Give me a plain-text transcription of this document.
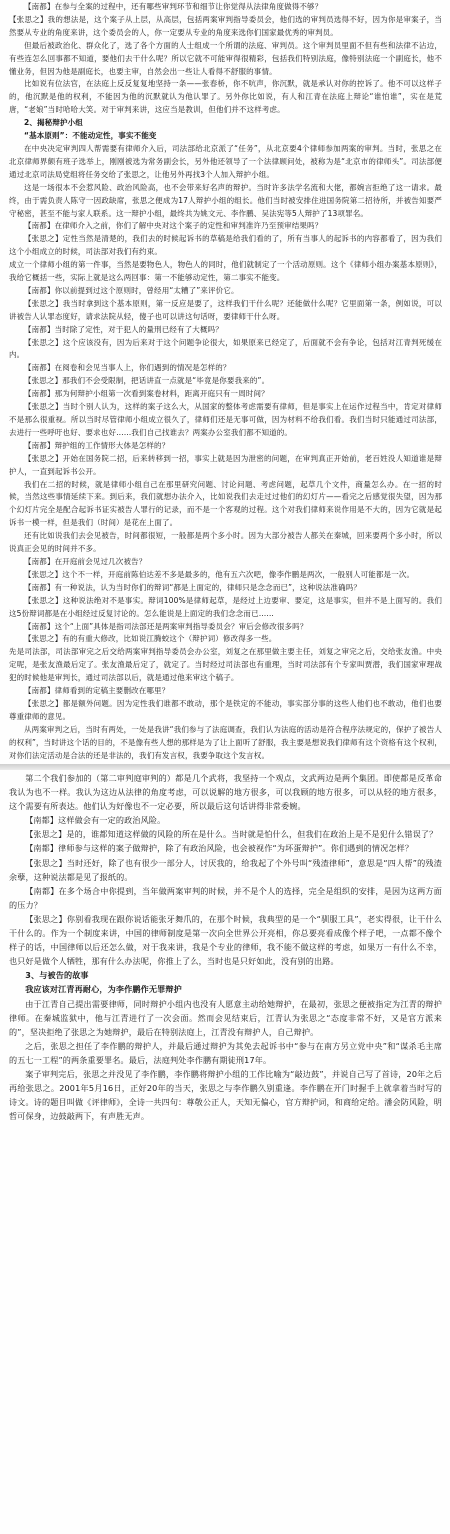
【南都】在参与全案的过程中，还有哪些审判环节和细节让你觉得从法律角度做得不够？

【张思之】我的想法是，这个案子从上层，从高层，包括两案审判指导委员会，他们选的审判员选得不好，因为你是审案子，当然要从专业的角度来讲，这个委员会的人，你一定要从专业的角度来选你们国家最优秀的审判员。

但最后被政治化、群众化了，选了各个方面的人士组成一个所谓的法庭、审判员。这个审判员里面不但有些和法律不沾边，有些连怎么回事都不知道，要他们去干什么呢？所以它就不可能审得很精彩，包括我们特别法庭，像特别法庭一个副庭长，他不懂业务，但因为他是副庭长，也要主审，自然会出一些让人看得不舒服的事情。

比如说有位法官，在法庭上反反复复地坚持一条——张春桥，你不吭声，你沉默，就是承认对你的控诉了。他不可以这样子的，他沉默是他的权利，不能因为他的沉默就认为他认罪了。另外你比如说，有人和江青在法庭上辩论“谁怕谁”，实在是荒唐，“老娘”当时哈哈大笑。对于审判来讲，这应当是教训，但他们并不这样考虑。

2、揭秘辩护小组

“基本原则”：不能动定性，事实不能变

在中央决定审判四人帮需要有律师介入后，司法部给北京派了“任务”，从北京要4个律师参加两案的审判。当时，张思之在北京律师界颇有班子选举上，刚刚被选为常务副会长，另外他还领导了一个法律顾问处，被称为是“北京市的律师头”。司法部便通过北京司法局党组将任务交给了张思之，让他另外再找3个人加入辩护小组。

这是一场很本不会惹风险、政治风险高，也不会带来好名声的辩护。当时许多法学名流和大佬，都婉言拒绝了这一请求。最终，由于需负责人陈守一因政缺席，张思之便成为17人辩护小组的组长。他们当时被安排住进国务院第二招待所，并被告知要严守秘密，甚至不能与家人联系。这一辩护小组，最终共为姚文元、李作鹏、吴法宪等5人辩护了13项罪名。

【南都】在律师介入之前，你们了解中央对这个案子的定性和审判准许乃至预审结果吗？

【张思之】定性当然是清楚的，我们去的时候起诉书的草稿是给我们看的了，所有当事人的起诉书的内容都看了，因为我们这个小组成立的时候，司法部对我们有约束。

成立一个律师小组的第一件事，当然是要物色人，物色人的同时，他们就制定了一个活动原则。这个《律师小组办案基本原则》，我给它概括一些，实际上就是这么两回事：第一不能够动定性，第二事实不能变。

【南都】你以前提到过这个原则时，曾经用“太糟了”来评价它。

【张思之】我当时拿到这个基本原则，第一反应是要了，这样我们干什么呢？还能做什么呢？它里面第一条，例如说，可以讲被告人认罪态度好，请求法院从轻，傻子也可以讲这句话呀，要律师干什么呀。

【南都】当时除了定性，对于犯人的量刑已经有了大概吗？

【张思之】这个应该没有，因为后来对于这个问题争论很大，如果原来已经定了，后面就不会有争论，包括对江青判死缓在内。

【南都】在阅卷和会见当事人上，你们遇到的情况是怎样的？

【张思之】那我们不会受限制，把话讲直一点就是“毕竟是你要我来的”。

【南都】那为何辩护小组第一次看到案卷材料，距离开庭只有一周时间？

【张思之】当时个别人认为，这样的案子这么大，从国家的整体考虑需要有律师，但是事实上在运作过程当中，肯定对律师不是那么很重视。所以当时尽管律师小组成立很久了，律师们还是无事可做，因为材料不给我们看。我们当时只能通过司法部，去进行一些呼吁也好、要求也好……我们自己找谁去？两案办公室我们都不知道的。

【南都】辩护组的工作情形大体是怎样的？

【张思之】开始在国务院二招，后来转移到一招，事实上就是因为泄密的问题，在审判真正开始前，老百姓没人知道谁是辩护人，一直到起诉书公开。

我们在二招的时候，就是律师小组自己在那里研究问题、讨论问题、考虑问题，起草几个文件，商量怎么办。在一招的时候，当然这些事情延续下来。到后来，我们就想办法介入，比如说我们去走过过他们的幻灯片——看完之后感觉很失望，因为那个幻灯片完全是配合起诉书证实被告人罪行的记录，而不是一个客观的过程。这个对我们律师来说作用是不大的，因为它就是起诉书一模一样，但是我们（时间）是花在上面了。

还有比如说我们去会见被告，时间都很短，一般都是两个多小时。因为大部分被告人都关在秦城，回来要两个多小时，所以说真正会见的时间并不多。

【南都】在开庭前会见过几次被告？

【张思之】这个不一样，开庭前陈伯达差不多是最多的，他有五六次吧，像李作鹏是两次，一般别人可能都是一次。

【南都】有一种说法，认为当时你们的辩词“都是上面定的，律师只是念念而已”，这种说法准确吗？

【张思之】这种说法绝对不是事实。辩词100%是律师起草，是经过上边要审、要定，这是事实，但并不是上面写的。我们这5份辩词都是在小组经过反复讨论的。怎么能说是上面定的我们念念而已……

【南都】这个“上面”具体是指司法部还是两案审判指导委员会？审后会修改很多吗？

【张思之】有的有重大修改，比如说江腾蛟这个（辩护词）修改得多一些。

先是司法部，司法部审完之后交给两案审判指导委员会办公室，刘复之在那里做主要主任，刘复之审完之后，交给张友渔。中央定呢，是张友渔最后定了。张友渔最后定了，就定了。当时经过司法部也有重理，当时司法部有个专家叫贾潜，我们国家审理战犯的时候他是审判长，通过司法部以后，就是通过他来审这个稿子。

【南都】律师看到的定稿主要删改在哪里？

【张思之】都是额外问题。因为定性我们谁都不敢动，那个是铁定的不能动，事实部分事的这些人他们也不敢动，他们也要尊重律师的意见。

从两案审判之后，当时有两处，一处是我讲“我们参与了法庭调查，我们认为法庭的活动是符合程序法规定的，保护了被告人的权利”，当时讲这个话的目的，不是像有些人想的那样是为了让上面听了舒服，我主要是想说我们律师有这个资格有这个权利，对你们法定活动是合法的还是非法的，我们有发言权，我要争取这个发言权。

第二个我们参加的（第二审判庭审判的）都是几个武将，我坚持一个观点，文武两边是两个集团。即使都是反革命我认为也不一样。我认为这边从法律的角度考虑，可以说解的地方很多，可以我顾的地方很多，可以从轻的地方很多，这个需要有所表达。他们认为好像也不一定必要，所以最后这句话讲得非常委婉。

【南都】这样做会有一定的政治风险。

【张思之】是的，谁都知道这样做的风险的所在是什么。当时就是怕什么，但我们在政治上是不是犯什么错误了？

【南都】律师参与这样的案子做辩护，除了有政治风险，也会被视作“为坏蛋辩护”。你们遇到的情况怎样？

【张思之】当时还好，除了也有很少一部分人，讨厌我的，给我起了个外号叫“残渣律师”，意思是“四人帮”的残渣余孽，这种说法都是见了报纸的。

【南都】在多个场合中你提到，当年做两案审判的时候，并不是个人的选择，完全是组织的安排，是因为这两方面的压力？

【张思之】你别看我现在跟你说话能张牙舞爪的，在那个时候，我典型的是一个“驯服工具”，老实得很，让干什么干什么的。作为一个制度来讲，中国的律师制度是第一次向全世界公开亮相，你总要亮看成像个样子吧，一点都不像个样子的话，中国律师以后还怎么做，对于我来讲，我是个专业的律师，我不能不做这样的考虑，如果万一有什么不幸，也只好是做个人牺牲，那有什么办法呢，你推上了么，当时也是只好如此，没有别的出路。

3、与被告的故事

我应该对江青再耐心，为李作鹏作无罪辩护

由于江青自己提出需要律师，同时辩护小组内也没有人愿意主动给她辩护，在最初，张思之便被指定为江青的辩护律师。在秦城监狱中，他与江青进行了一次会面。然而会见结束后，江青认为张思之“态度非常不好，又是官方派来的”，坚决拒绝了张思之为她辩护，最后在特别法庭上，江青没有辩护人，自己辩护。

之后，张思之担任了李作鹏的辩护人，并最后通过辩护为其免去起诉书中“参与在南方另立党中央”和“谋杀毛主席的五七一工程”的两条重要罪名。最后，法庭判处李作鹏有期徒刑17年。

案子审判完后，张思之并没见了李作鹏，李作鹏将辩护小组的工作比喻为“敲边鼓”，并说自己写了首诗，20年之后再给张思之。2001年5月16日，正好20年的当天，张思之与李作鹏久别重逢。李作鹏在开门时握手上就拿着当时写的诗文。诗的题目叫做《评律师》，全诗一共四句：尊敬公正人，天知无偏心，官方辩护词，和商给定给。潘会防风险，明哲可保身，边鼓敲两下，有声胜无声。
